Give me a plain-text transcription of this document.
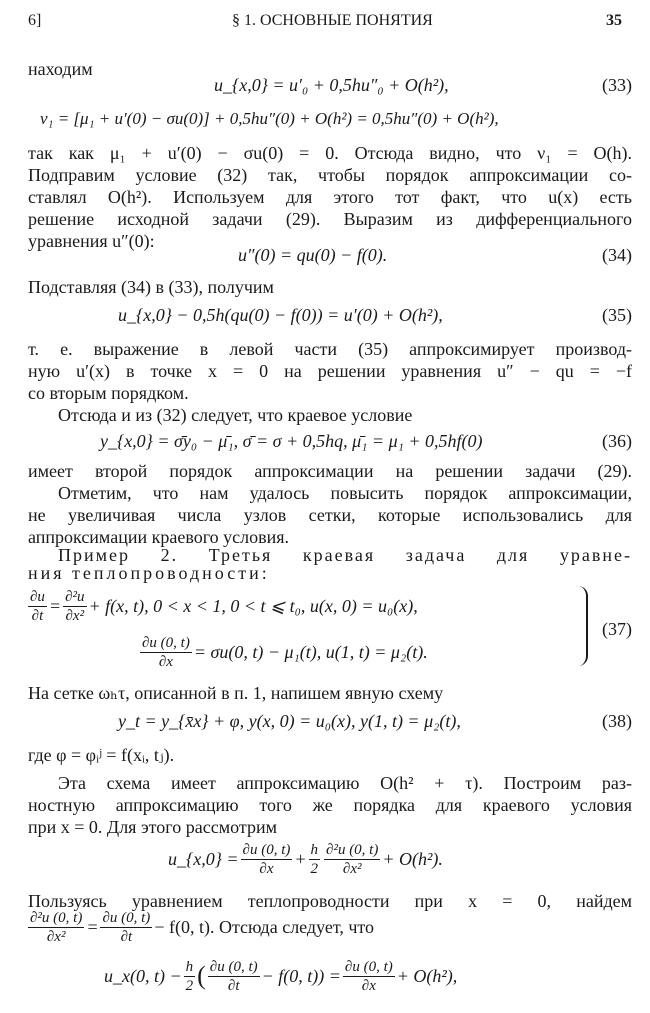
6]	§ 1. ОСНОВНЫЕ ПОНЯТИЯ	35
находим
u_{x,0} = u′₀ + 0,5hu″₀ + O(h²),	(33)
ν₁ = [μ₁ + u′(0) − σu(0)] + 0,5hu″(0) + O(h²) = 0,5hu″(0) + O(h²),
так как μ₁ + u′(0) − σu(0) = 0. Отсюда видно, что ν₁ = O(h).
Подправим условие (32) так, чтобы порядок аппроксимации со-
ставлял O(h²). Используем для этого тот факт, что u(x) есть
решение исходной задачи (29). Выразим из дифференциального
уравнения u″(0):
u″(0) = qu(0) − f(0).	(34)
Подставляя (34) в (33), получим
u_{x,0} − 0,5h(qu(0) − f(0)) = u′(0) + O(h²),	(35)
т. е. выражение в левой части (35) аппроксимирует производ-
ную u′(x) в точке x = 0 на решении уравнения u″ − qu = −f
со вторым порядком.
Отсюда и из (32) следует, что краевое условие
y_{x,0} = σ̄y₀ − μ̄₁, σ̄ = σ + 0,5hq, μ̄₁ = μ₁ + 0,5hf(0)	(36)
имеет второй порядок аппроксимации на решении задачи (29).
Отметим, что нам удалось повысить порядок аппроксимации,
не увеличивая числа узлов сетки, которые использовались для
аппроксимации краевого условия.
Пример 2. Третья краевая задача для уравне-
ния теплопроводности:
$\frac{\partial u}{\partial t} = \frac{\text{∂²u}}{\text{∂x²}} + f(x$, t), 0 < x < 1, 0 < t ⩽ t₀, u(x, 0) = u₀(x),
$\frac{\partial u (0, t)}{\partial x} = \sigma u(0$, t) − μ₁(t), u(1, t) = μ₂(t).
(37)
На сетке ωₕτ, описанной в п. 1, напишем явную схему
y_t = y_{x̄x} + φ, y(x, 0) = u₀(x), y(1, t) = μ₂(t),	(38)
где φ = φᵢʲ = f(xᵢ, tⱼ).
Эта схема имеет аппроксимацию O(h² + τ). Построим раз-
ностную аппроксимацию того же порядка для краевого условия
при x = 0. Для этого рассмотрим
u_{x,0} = $\frac{\partial u (0, t)}{\partial x} + \frac{h}{2} \frac{\text{∂²u (0, t)}}{\text{∂x²}} + O(h^2)$.
Пользуясь уравнением теплопроводности при x = 0, найдем
$\frac{\text{∂²u (0, t)}}{\text{∂x²}} = \frac{\partial u (0, t)}{\partial t} - f(0$, t). Отсюда следует, что
u_x(0, $t) - \frac{h}{2}$ ( $\frac{\partial u (0, t)}{\partial t} - f(0$, $t)) = \frac{\partial u (0, t)}{\partial x} + O(h^2)$,
